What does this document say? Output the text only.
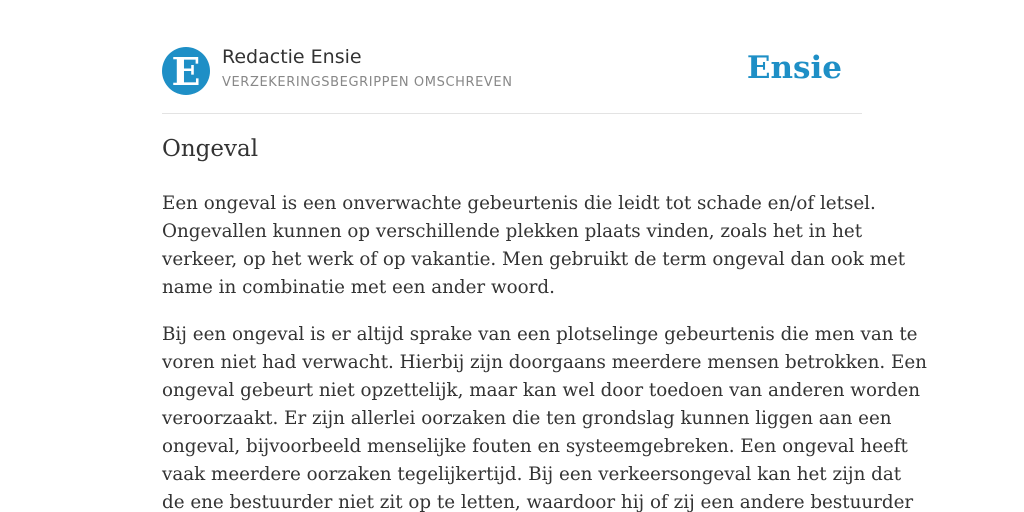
E	Redactie Ensie
VERZEKERINGSBEGRIPPEN OMSCHREVEN	Ensie
Ongeval

Een ongeval is een onverwachte gebeurtenis die leidt tot schade en/of letsel.
Ongevallen kunnen op verschillende plekken plaats vinden, zoals het in het
verkeer, op het werk of op vakantie. Men gebruikt de term ongeval dan ook met
name in combinatie met een ander woord.

Bij een ongeval is er altijd sprake van een plotselinge gebeurtenis die men van te
voren niet had verwacht. Hierbij zijn doorgaans meerdere mensen betrokken. Een
ongeval gebeurt niet opzettelijk, maar kan wel door toedoen van anderen worden
veroorzaakt. Er zijn allerlei oorzaken die ten grondslag kunnen liggen aan een
ongeval, bijvoorbeeld menselijke fouten en systeemgebreken. Een ongeval heeft
vaak meerdere oorzaken tegelijkertijd. Bij een verkeersongeval kan het zijn dat
de ene bestuurder niet zit op te letten, waardoor hij of zij een andere bestuurder
